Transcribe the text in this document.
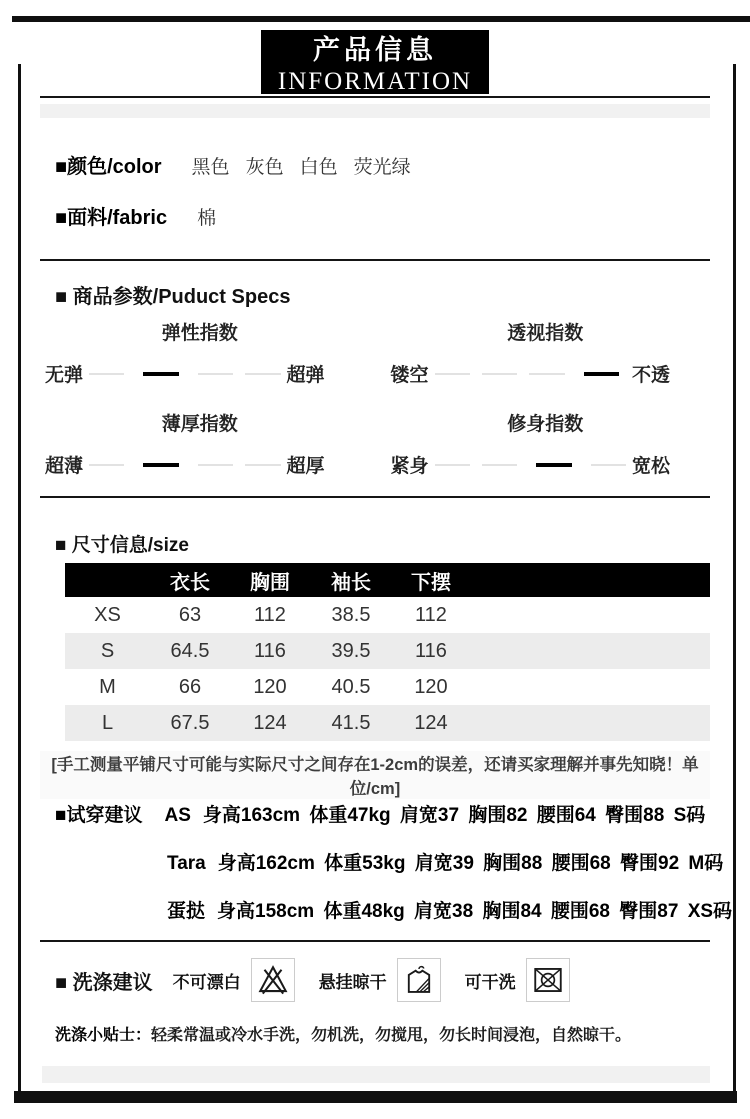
产品信息
INFORMATION
■颜色/color 黑色 灰色 白色 荧光绿
■面料/fabric 棉
■ 商品参数/Puduct Specs
弹性指数
无弹	超弹
透视指数
镂空	不透
薄厚指数
超薄	超厚
修身指数
紧身	宽松
■ 尺寸信息/size
	衣长	胸围	袖长	下摆	
XS	63	112	38.5	112	
S	64.5	116	39.5	116	
M	66	120	40.5	120	
L	67.5	124	41.5	124	
[手工测量平铺尺寸可能与实际尺寸之间存在1-2cm的误差，还请买家理解并事先知晓！单位/cm]
■试穿建议 AS 身高163cm 体重47kg 肩宽37 胸围82 腰围64 臀围88 S码
Tara 身高162cm 体重53kg 肩宽39 胸围88 腰围68 臀围92 M码
蛋挞 身高158cm 体重48kg 肩宽38 胸围84 腰围68 臀围87 XS码
■ 洗涤建议 不可漂白	悬挂晾干	可干洗
洗涤小贴士：轻柔常温或冷水手洗，勿机洗，勿搅甩，勿长时间浸泡，自然晾干。
